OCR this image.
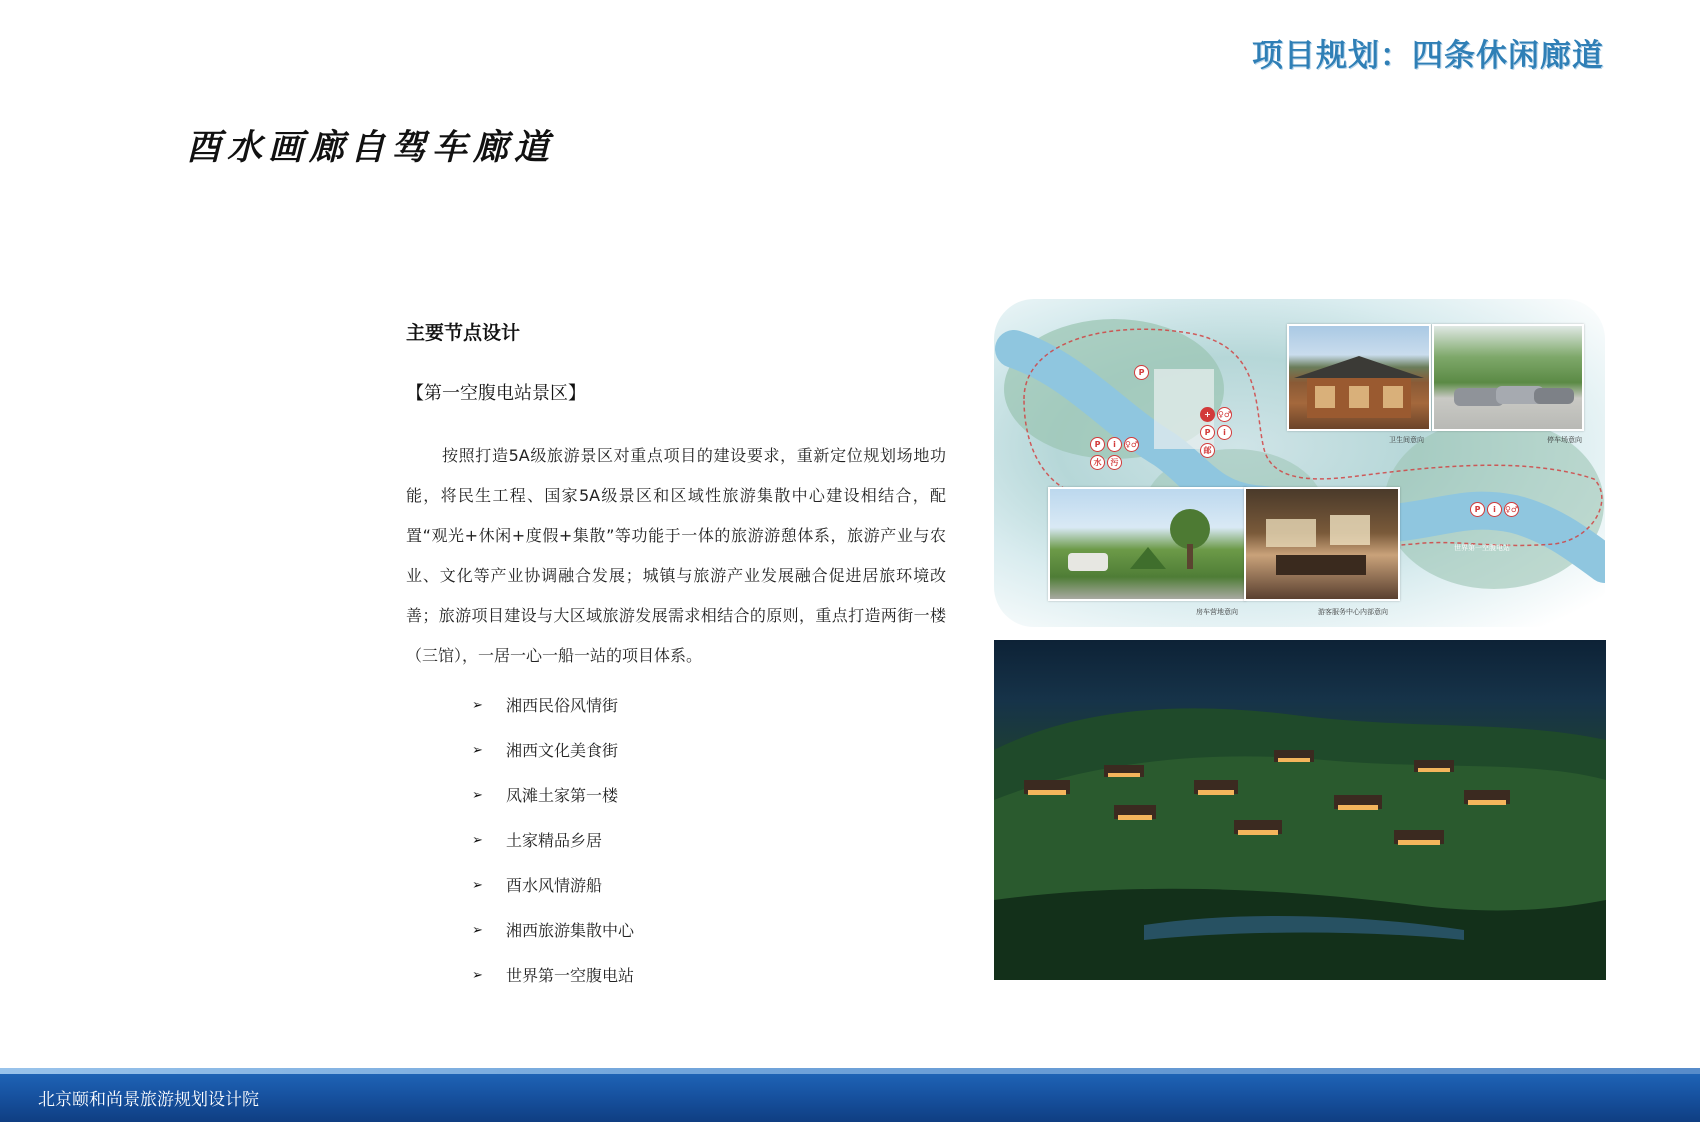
项目规划：四条休闲廊道
酉水画廊自驾车廊道
主要节点设计
【第一空腹电站景区】
按照打造5A级旅游景区对重点项目的建设要求，重新定位规划场地功能，将民生工程、国家5A级景区和区域性旅游集散中心建设相结合，配置“观光+休闲+度假+集散”等功能于一体的旅游游憩体系，旅游产业与农业、文化等产业协调融合发展；城镇与旅游产业发展融合促进居旅环境改善；旅游项目建设与大区域旅游发展需求相结合的原则，重点打造两街一楼（三馆），一居一心一船一站的项目体系。
➢	湘西民俗风情街
➢	湘西文化美食街
➢	凤滩土家第一楼
➢	土家精品乡居
➢	酉水风情游船
➢	湘西旅游集散中心
➢	世界第一空腹电站
P
+ ♀♂
P	i
邮
P	i	♀♂
水	污
P	i	♀♂
世界第一空腹电站
卫生间意向	停车场意向
房车营地意向	游客服务中心内部意向
北京颐和尚景旅游规划设计院
